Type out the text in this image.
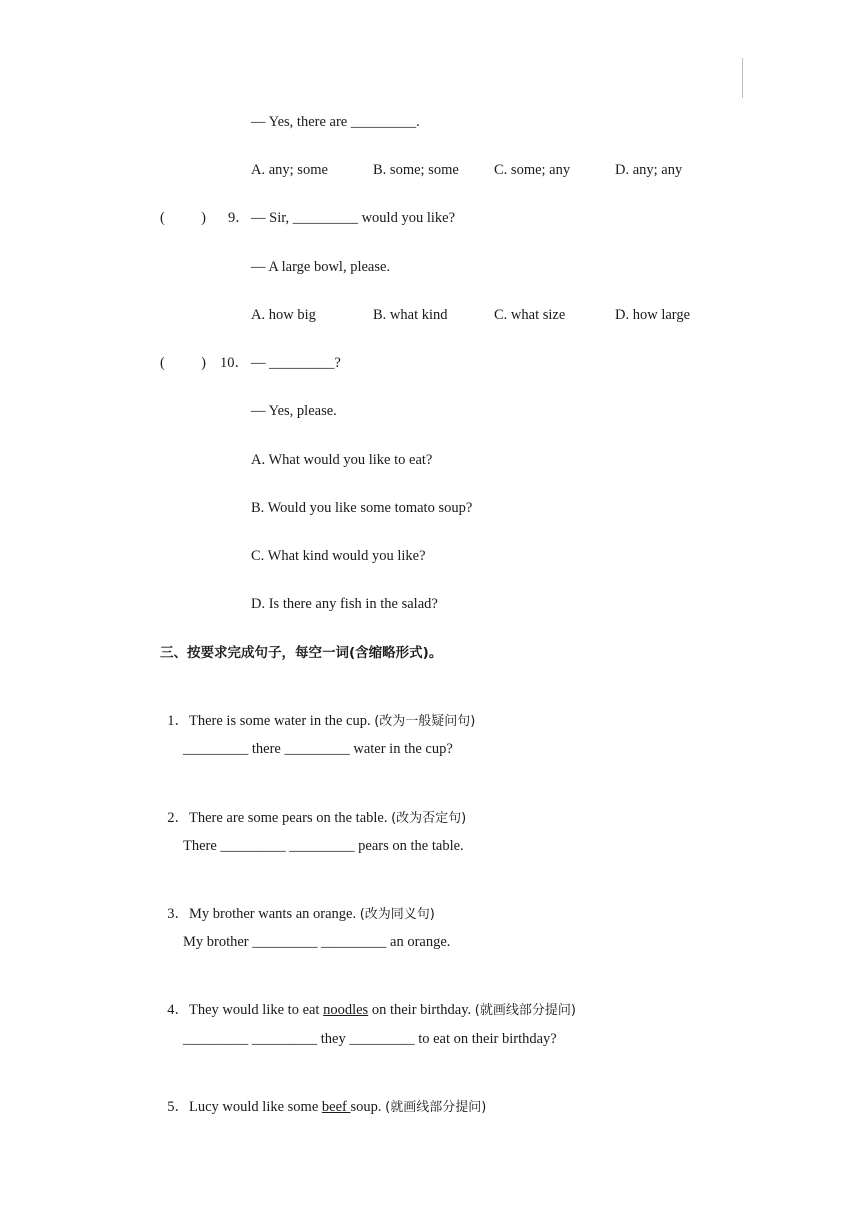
— Yes, there are _________.
A. any; some	B. some; some C. some; any	D. any; any
(          ) 9． — Sir, _________ would you like?
— A large bowl, please.
A. how big	B. what kind	C. what size	D. how large
(          ) 10． — _________?
— Yes, please.
A. What would you like to eat?
B. Would you like some tomato soup?
C. What kind would you like?
D. Is there any fish in the salad?
三、按要求完成句子，每空一词(含缩略形式)。

1．There is some water in the cup. (改为一般疑问句)

_________ there _________ water in the cup?

2．There are some pears on the table. (改为否定句)

There _________ _________ pears on the table.

3．My brother wants an orange. (改为同义句)

My brother _________ _________ an orange.

4．They would like to eat noodles on their birthday. (就画线部分提问)

_________ _________ they _________ to eat on their birthday?

5．Lucy would like some beef soup. (就画线部分提问)
